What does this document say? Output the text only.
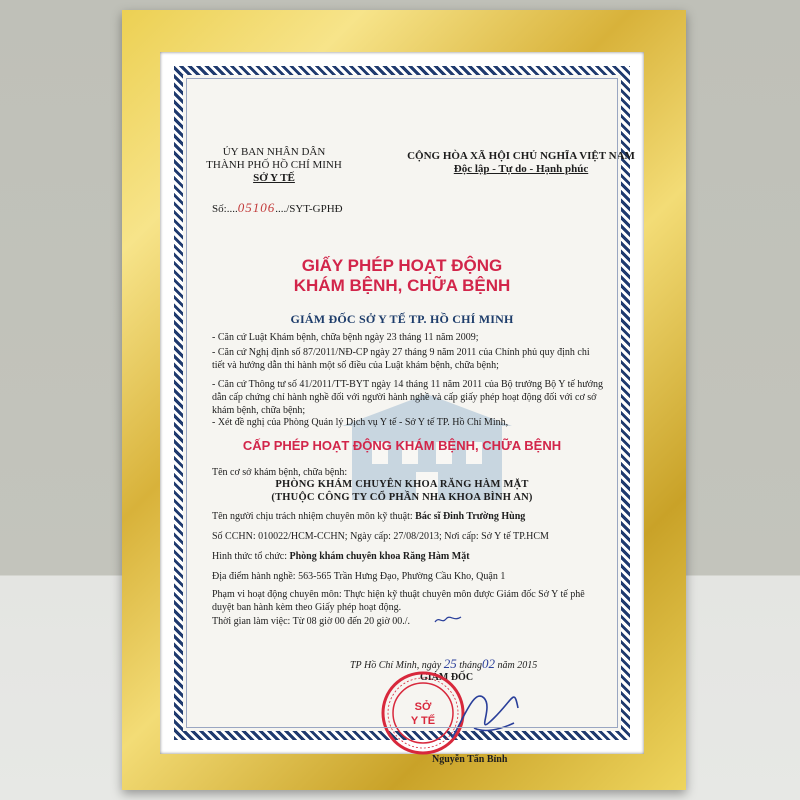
ỦY BAN NHÂN DÂN
THÀNH PHỐ HỒ CHÍ MINH
SỞ Y TẾ
CỘNG HÒA XÃ HỘI CHỦ NGHĨA VIỆT NAM
Độc lập - Tự do - Hạnh phúc
Số:....05106..../SYT-GPHĐ
GIẤY PHÉP HOẠT ĐỘNG
KHÁM BỆNH, CHỮA BỆNH
GIÁM ĐỐC SỞ Y TẾ TP. HỒ CHÍ MINH
- Căn cứ Luật Khám bệnh, chữa bệnh ngày 23 tháng 11 năm 2009;
- Căn cứ Nghị định số 87/2011/NĐ-CP ngày 27 tháng 9 năm 2011 của Chính phủ quy định chi tiết và hướng dẫn thi hành một số điều của Luật khám bệnh, chữa bệnh;
- Căn cứ Thông tư số 41/2011/TT-BYT ngày 14 tháng 11 năm 2011 của Bộ trưởng Bộ Y tế hướng dẫn cấp chứng chỉ hành nghề đối với người hành nghề và cấp giấy phép hoạt động đối với cơ sở khám bệnh, chữa bệnh;
- Xét đề nghị của Phòng Quản lý Dịch vụ Y tế - Sở Y tế TP. Hồ Chí Minh,
CẤP PHÉP HOẠT ĐỘNG KHÁM BỆNH, CHỮA BỆNH
Tên cơ sở khám bệnh, chữa bệnh:
PHÒNG KHÁM CHUYÊN KHOA RĂNG HÀM MẶT
(THUỘC CÔNG TY CỔ PHẦN NHA KHOA BÌNH AN)
Tên người chịu trách nhiệm chuyên môn kỹ thuật: Bác sĩ Đinh Trường Hùng
Số CCHN: 010022/HCM-CCHN; Ngày cấp: 27/08/2013; Nơi cấp: Sở Y tế TP.HCM
Hình thức tổ chức: Phòng khám chuyên khoa Răng Hàm Mặt
Địa điểm hành nghề: 563-565 Trần Hưng Đạo, Phường Cầu Kho, Quận 1
Phạm vi hoạt động chuyên môn: Thực hiện kỹ thuật chuyên môn được Giám đốc Sở Y tế phê duyệt ban hành kèm theo Giấy phép hoạt động.
Thời gian làm việc: Từ 08 giờ 00 đến 20 giờ 00./.
TP Hồ Chí Minh, ngày 25 tháng02 năm 2015
GIÁM ĐỐC
SỞ
Y TẾ
Nguyễn Tấn Bỉnh
